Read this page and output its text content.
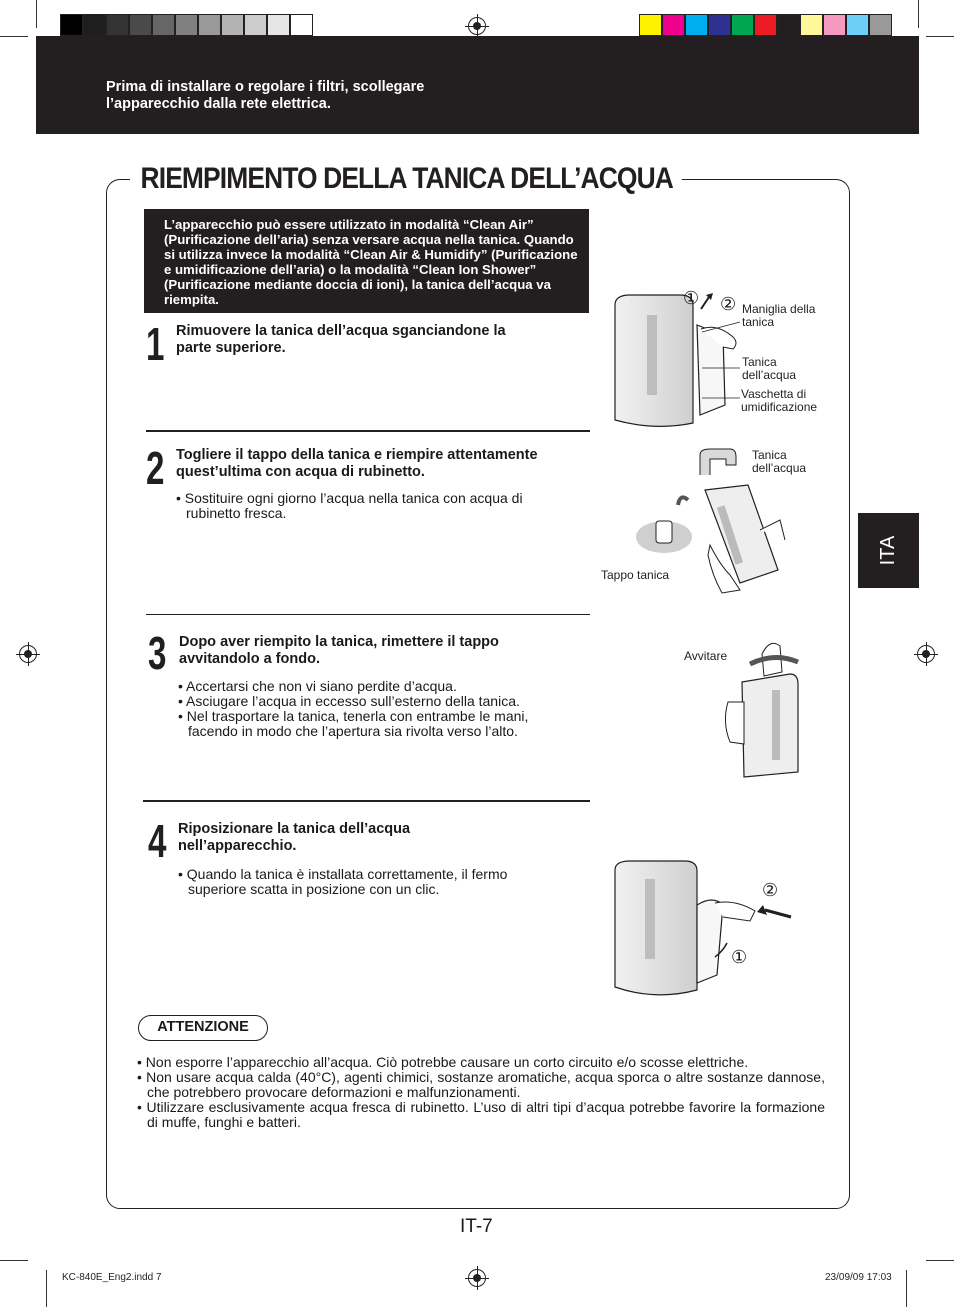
Prima di installare o regolare i filtri, scollegare
l’apparecchio dalla rete elettrica.
RIEMPIMENTO DELLA TANICA DELL’ACQUA
L’apparecchio può essere utilizzato in modalità “Clean Air” (Purificazione dell’aria) senza versare acqua nella tanica. Quando si utilizza invece la modalità “Clean Air & Humidify” (Purificazione e umidificazione dell’aria) o la modalità “Clean Ion Shower” (Purificazione mediante doccia di ioni), la tanica dell’acqua va riempita.
1 Rimuovere la tanica dell’acqua sganciandone la
parte superiore.
2 Togliere il tappo della tanica e riempire attentamente
quest’ultima con acqua di rubinetto.
• Sostituire ogni giorno l’acqua nella tanica con acqua di
rubinetto fresca.
3 Dopo aver riempito la tanica, rimettere il tappo
avvitandolo a fondo.
• Accertarsi che non vi siano perdite d’acqua.
• Asciugare l’acqua in eccesso sull’esterno della tanica.
• Nel trasportare la tanica, tenerla con entrambe le mani,
facendo in modo che l’apertura sia rivolta verso l’alto.
4 Riposizionare la tanica dell’acqua
nell’apparecchio.
• Quando la tanica è installata correttamente, il fermo
superiore scatta in posizione con un clic.
① ② Maniglia della
tanica
Tanica
dell’acqua
Vaschetta di
umidificazione
Tanica
dell’acqua
Tappo tanica
Avvitare
②
①
ATTENZIONE

• Non esporre l’apparecchio all’acqua. Ciò potrebbe causare un corto circuito e/o scosse elettriche.

• Non usare acqua calda (40°C), agenti chimici, sostanze aromatiche, acqua sporca o altre sostanze dannose, che potrebbero provocare deformazioni e malfunzionamenti.

• Utilizzare esclusivamente acqua fresca di rubinetto. L’uso di altri tipi d’acqua potrebbe favorire la formazione di muffe, funghi e batteri.

ITA
IT-7
KC-840E_Eng2.indd 7	23/09/09 17:03
